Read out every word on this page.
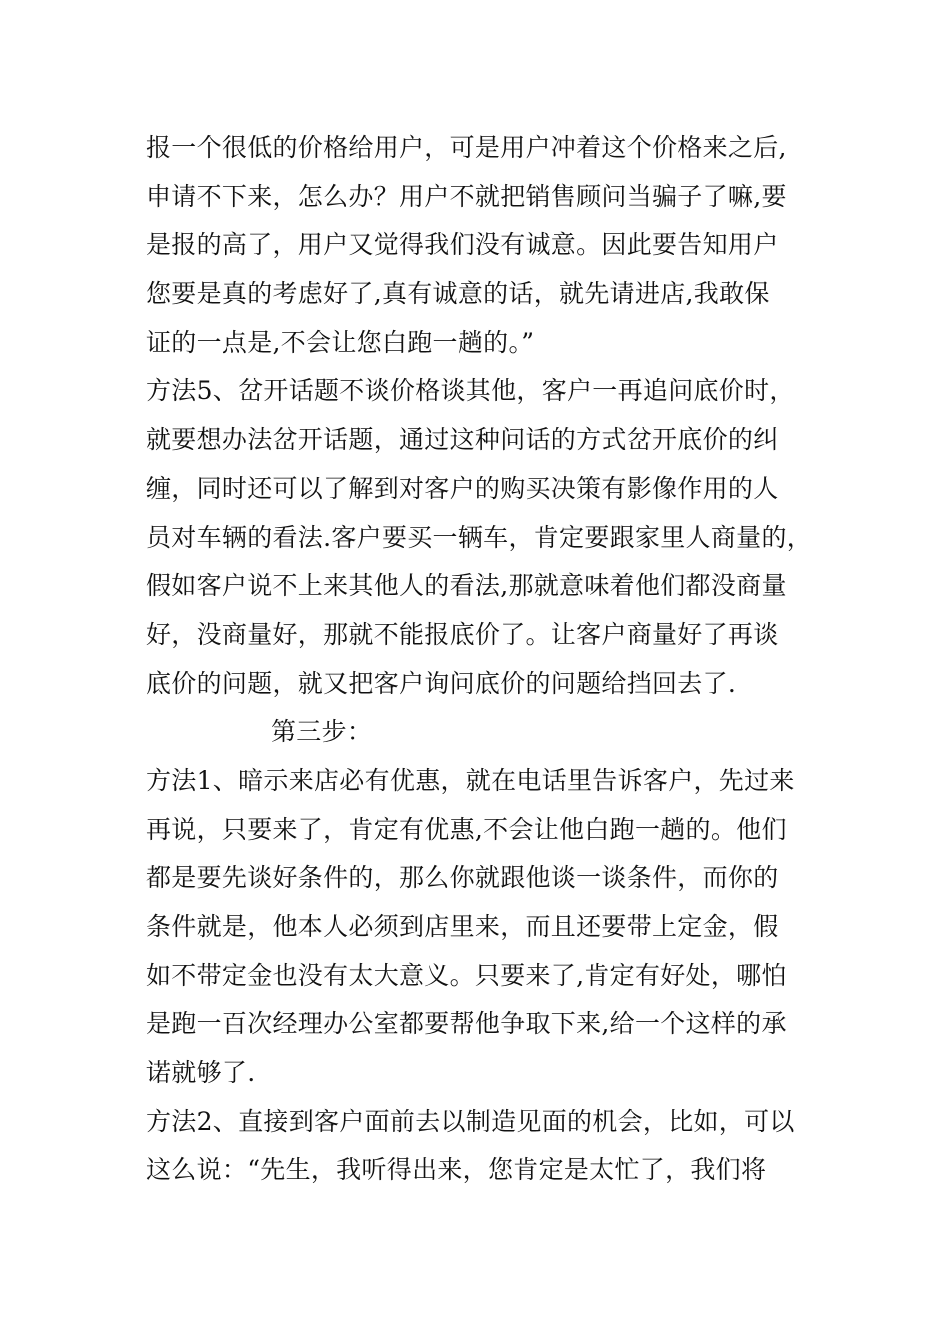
报一个很低的价格给用户，可是用户冲着这个价格来之后,
申请不下来，怎么办？用户不就把销售顾问当骗子了嘛,要
是报的高了，用户又觉得我们没有诚意。因此要告知用户
您要是真的考虑好了,真有诚意的话，就先请进店,我敢保
证的一点是,不会让您白跑一趟的。”
方法5、岔开话题不谈价格谈其他，客户一再追问底价时，
就要想办法岔开话题，通过这种问话的方式岔开底价的纠
缠，同时还可以了解到对客户的购买决策有影像作用的人
员对车辆的看法.客户要买一辆车，肯定要跟家里人商量的，
假如客户说不上来其他人的看法,那就意味着他们都没商量
好，没商量好，那就不能报底价了。让客户商量好了再谈
底价的问题，就又把客户询问底价的问题给挡回去了.
第三步：
方法1、暗示来店必有优惠，就在电话里告诉客户，先过来
再说，只要来了，肯定有优惠,不会让他白跑一趟的。他们
都是要先谈好条件的，那么你就跟他谈一谈条件，而你的
条件就是，他本人必须到店里来，而且还要带上定金，假
如不带定金也没有太大意义。只要来了,肯定有好处，哪怕
是跑一百次经理办公室都要帮他争取下来,给一个这样的承
诺就够了.
方法2、直接到客户面前去以制造见面的机会，比如，可以
这么说：“先生，我听得出来，您肯定是太忙了，我们将
